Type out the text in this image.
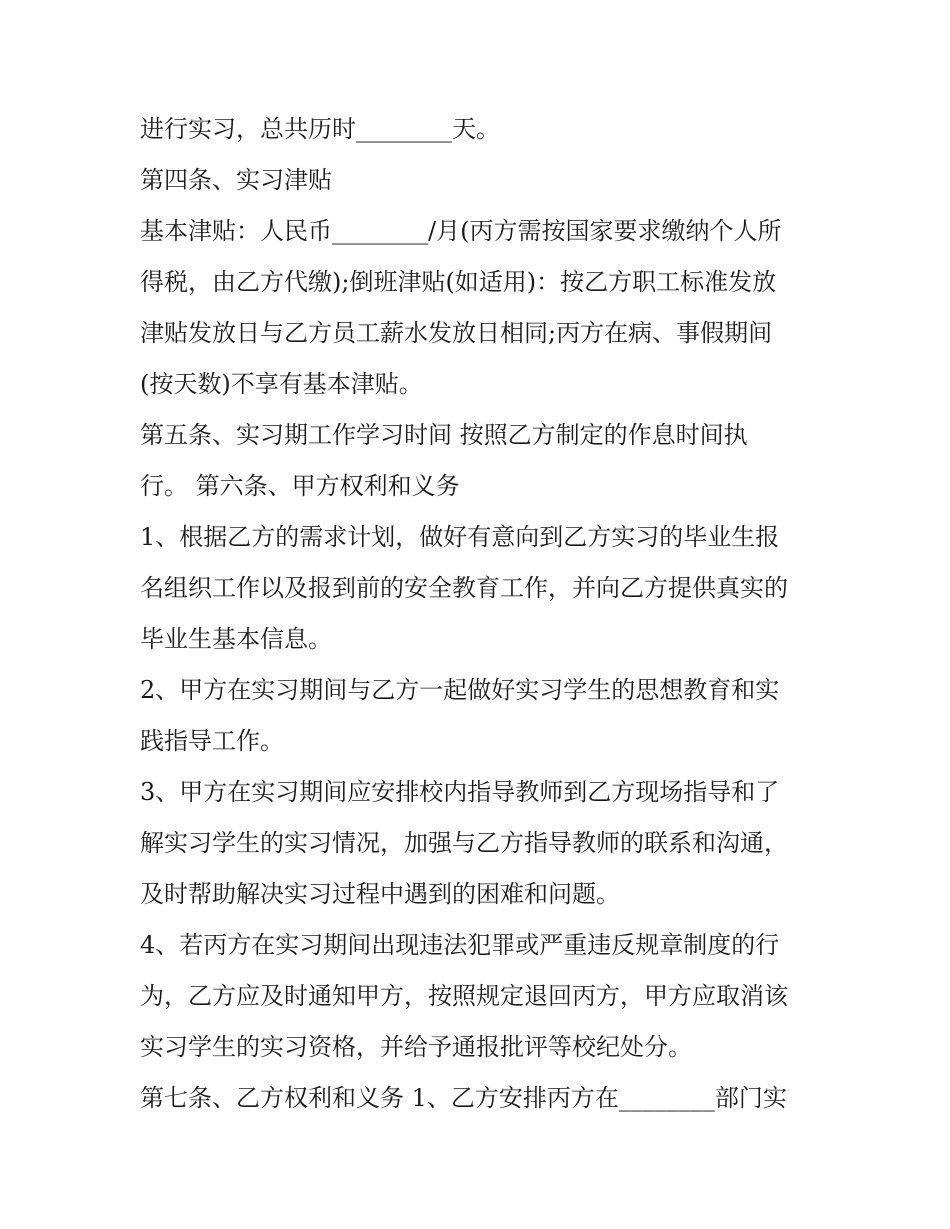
进行实习，总共历时________天。
第四条、实习津贴
基本津贴：人民币________/月(丙方需按国家要求缴纳个人所
得税，由乙方代缴);倒班津贴(如适用)：按乙方职工标准发放
津贴发放日与乙方员工薪水发放日相同;丙方在病、事假期间
(按天数)不享有基本津贴。
第五条、实习期工作学习时间 按照乙方制定的作息时间执
行。 第六条、甲方权利和义务
1、根据乙方的需求计划，做好有意向到乙方实习的毕业生报
名组织工作以及报到前的安全教育工作，并向乙方提供真实的
毕业生基本信息。
2、甲方在实习期间与乙方一起做好实习学生的思想教育和实
践指导工作。
3、甲方在实习期间应安排校内指导教师到乙方现场指导和了
解实习学生的实习情况，加强与乙方指导教师的联系和沟通，
及时帮助解决实习过程中遇到的困难和问题。
4、若丙方在实习期间出现违法犯罪或严重违反规章制度的行
为，乙方应及时通知甲方，按照规定退回丙方，甲方应取消该
实习学生的实习资格，并给予通报批评等校纪处分。
第七条、乙方权利和义务 1、乙方安排丙方在________部门实
